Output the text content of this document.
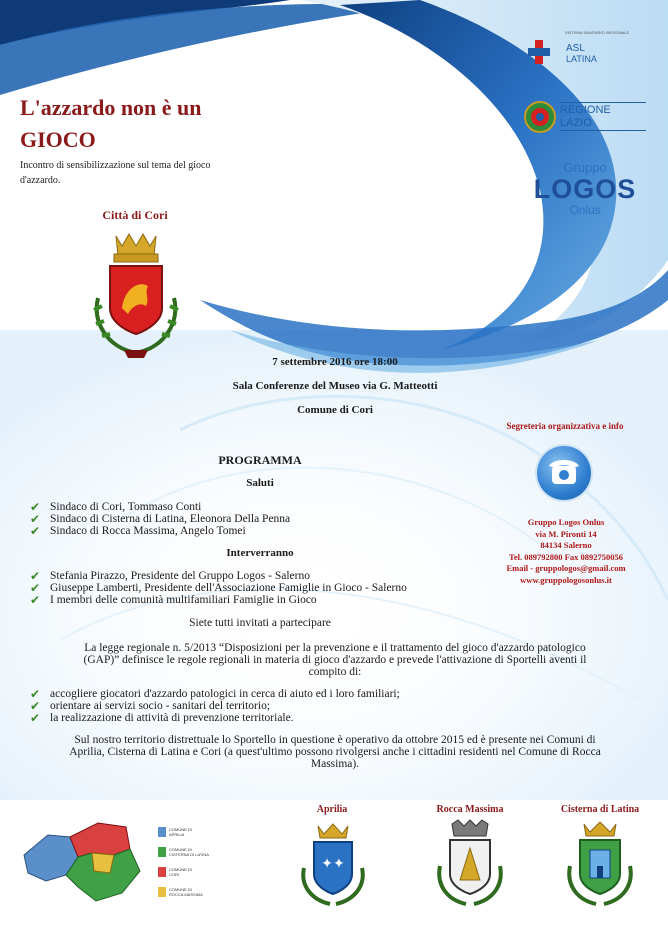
L'azzardo non è un GIOCO
Incontro di sensibilizzazione sul tema del gioco d'azzardo.
Città di Cori
SISTEMA SANITARIO REGIONALE
ASL
LATINA
REGIONE
LAZIO
Gruppo
LOGOS
Onlus
7 settembre 2016 ore 18:00
Sala Conferenze del Museo via G. Matteotti
Comune di Cori
PROGRAMMA
Saluti
✔ Sindaco di Cori, Tommaso Conti
✔ Sindaco di Cisterna di Latina, Eleonora Della Penna
✔ Sindaco di Rocca Massima, Angelo Tomei
Interverranno
✔ Stefania Pirazzo, Presidente del Gruppo Logos - Salerno
✔ Giuseppe Lamberti, Presidente dell'Associazione Famiglie in Gioco - Salerno
✔ I membri delle comunità multifamiliari Famiglie in Gioco
Siete tutti invitati a partecipare
La legge regionale n. 5/2013 “Disposizioni per la prevenzione e il trattamento del gioco d'azzardo patologico
(GAP)” definisce le regole regionali in materia di gioco d'azzardo e prevede l'attivazione di Sportelli aventi il
compito di:
✔ accogliere giocatori d'azzardo patologici in cerca di aiuto ed i loro familiari;
✔ orientare ai servizi socio - sanitari del territorio;
✔ la realizzazione di attività di prevenzione territoriale.
Sul nostro territorio distrettuale lo Sportello in questione è operativo da ottobre 2015 ed è presente nei Comuni di
Aprilia, Cisterna di Latina e Cori (a quest'ultimo possono rivolgersi anche i cittadini residenti nel Comune di Rocca
Massima).
Segreteria organizzativa e info
Gruppo Logos Onlus
via M. Pironti 14
84134 Salerno
Tel. 089792800 Fax 0892750056
Email - gruppologos@gmail.com
www.gruppologosonlus.it
COMUNE DI
APRILIA
COMUNE DI
CISTERNA DI LATINA
COMUNE DI
CORI
COMUNE DI
ROCCA MASSIMA
Aprilia
✦✦
Rocca Massima	Cisterna di Latina
